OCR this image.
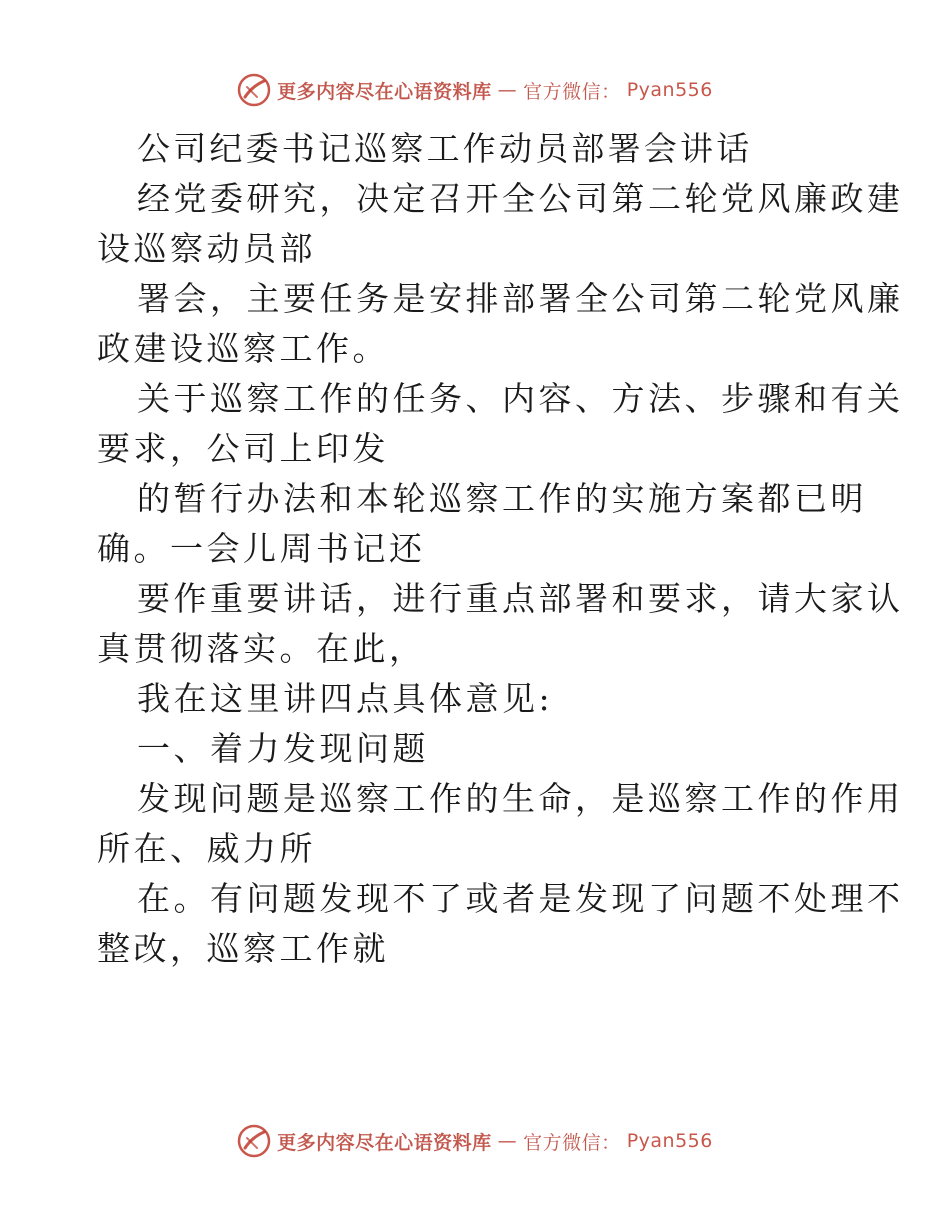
更多内容尽在心语资料库 — 官方微信： Pyan556
公司纪委书记巡察工作动员部署会讲话
经党委研究，决定召开全公司第二轮党风廉政建
设巡察动员部
署会，主要任务是安排部署全公司第二轮党风廉
政建设巡察工作。
关于巡察工作的任务、内容、方法、步骤和有关
要求，公司上印发
的暂行办法和本轮巡察工作的实施方案都已明
确。一会儿周书记还
要作重要讲话，进行重点部署和要求，请大家认
真贯彻落实。在此，
我在这里讲四点具体意见:
一、着力发现问题
发现问题是巡察工作的生命，是巡察工作的作用
所在、威力所
在。有问题发现不了或者是发现了问题不处理不
整改，巡察工作就
更多内容尽在心语资料库 — 官方微信： Pyan556
